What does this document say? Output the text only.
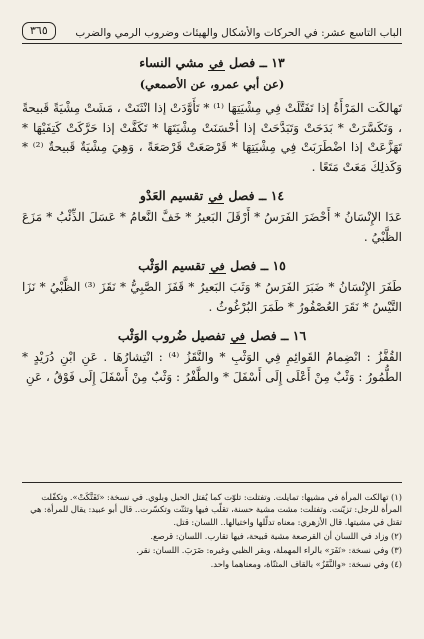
الباب التاسع عشر: في الحركات والأشكال والهيئات وضروب الرمي والضرب
٣٦٥
١٣ ــ فصل في مشي النساء
(عن أبي عمرو، عن الأصمعي)

تَهالكَت المَرْأَةُ إذا تَفَتَّلَتْ فِي مِشْيَتِهَا ⁽¹⁾ * تَأَوَّدَتْ إذا انْثَنَتْ ، مَشَتْ مِشْيَةً قَبيحةً ، وَتَكَسَّرَتْ * بَدَحَتْ وَتَبَدَّحَتْ إذا أحْسَنَتْ مِشْيَتَهَا * تَكَفَّتْ إذا حَرَّكَتْ كَتِفَيْهَا * تَهَزَّعَتْ إذا اضْطَرَبَتْ فِي مِشْيَتِهَا * قَرْصَعَتْ قَرْصَعَةً ، وَهِيَ مِشْيَةٌ قَبيحةٌ ⁽²⁾ * وَكَذلِكَ مَعَتْ مَتَعًا .

١٤ ــ فصل في تقسيم العَدْو

عَدَا الإِنْسَانُ * أَحْضَرَ الفَرَسُ * أَرْقَلَ البَعيرُ * خَفَّ النَّعامُ * عَسَلَ الذِّئْبُ * مَزَعَ الظَّبْيُ .

١٥ ــ فصل في تقسيم الوَثْب

طَفَرَ الإِنْسَانُ * ضَبَرَ الفَرَسُ * وَثَبَ البَعيرُ * قَفَزَ الصَّبِيُّ * نَقَزَ ⁽³⁾ الظَّبْيُ * نَزَا التَّيْسُ * نَقَرَ العُصْفُورُ * طَمَرَ البُرْغُوثُ .

١٦ ــ فصل في تفصيل ضُروب الوَثْب

القُفَّزُ : انْضِمامُ القَوائِمِ فِي الوَثْبِ * والنَّقَزُ ⁽⁴⁾ : انْتِشارُهَا . عَنِ ابْنِ دُرَيْدٍ * الطُّمُورُ : وَثْبٌ مِنْ أَعْلَى إِلَى أَسْفَلَ * والطَّفْرُ : وَثْبٌ مِنْ أَسْفَلَ إِلَى فَوْقُ ، عَنِ

(١) تهالكت المرأة في مشيها: تمايلت. وتفتلت: تلوّت كما يُفتل الحبل وبلوي. في نسخة: «تَفَتَّكَتْ». وتكفّلت المرأة للرجل: تزيّنت. وتفتلت: مشت مشية حسنة، تقلّب فيها وتثنّت وتكسّرت.. قال أبو عبيد: يقال للمرأة: هي تقتل في مشيتها. قال الأزهري: معناه تدلّلها واختيالها.. اللسان: قتل.

(٢) وزاد في اللسان أن القرصعة مشية قبيحة، فيها تقارب. اللسان: قرصع.

(٣) وفي نسخة: «نَفَرَ» بالراء المهملة، وبقر الظبي وغيره: ضَرَبَ. اللسان: نقر.

(٤) وفي نسخة: «والنَّقَزُ» بالقاف المثنّاة، ومعناهما واحد.
